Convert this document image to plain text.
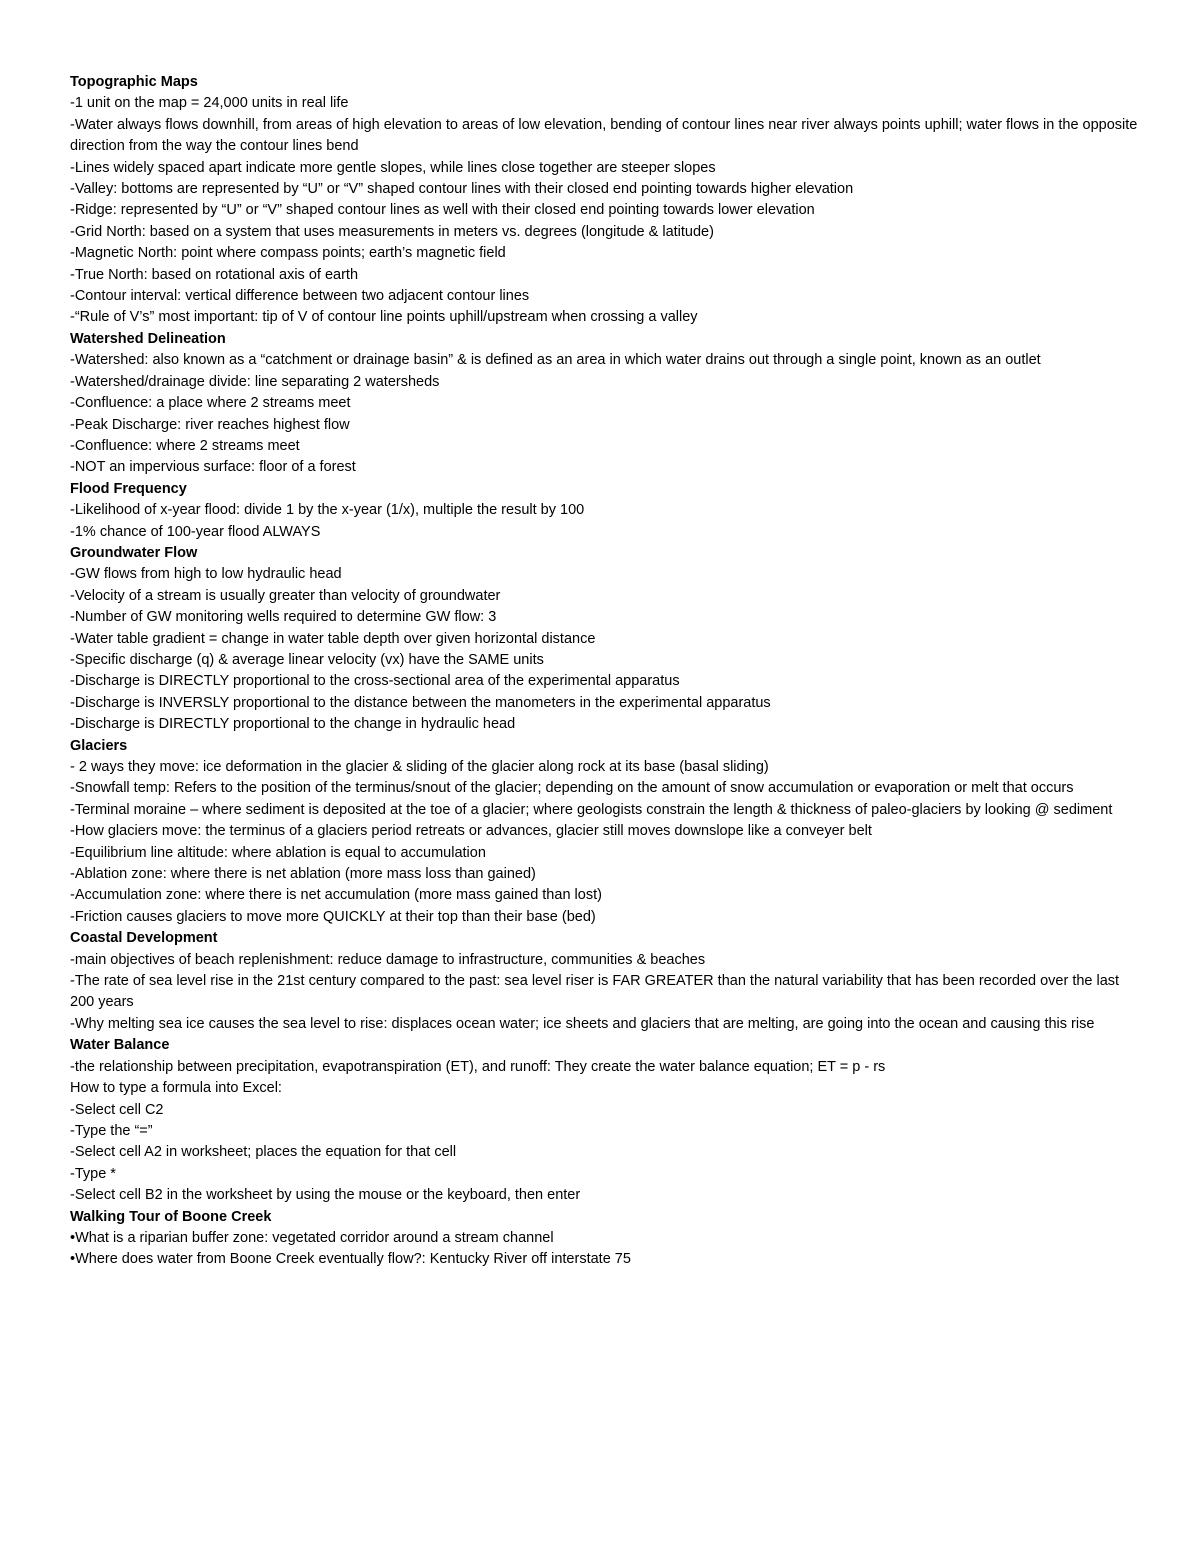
Topographic Maps

-1 unit on the map = 24,000 units in real life

-Water always flows downhill, from areas of high elevation to areas of low elevation, bending of contour lines near river always points uphill; water flows in the opposite direction from the way the contour lines bend

-Lines widely spaced apart indicate more gentle slopes, while lines close together are steeper slopes

-Valley: bottoms are represented by “U” or “V” shaped contour lines with their closed end pointing towards higher elevation

-Ridge: represented by “U” or “V” shaped contour lines as well with their closed end pointing towards lower elevation

-Grid North: based on a system that uses measurements in meters vs. degrees (longitude & latitude)

-Magnetic North: point where compass points; earth’s magnetic field

-True North: based on rotational axis of earth

-Contour interval: vertical difference between two adjacent contour lines

-“Rule of V’s” most important: tip of V of contour line points uphill/upstream when crossing a valley

Watershed Delineation

-Watershed: also known as a “catchment or drainage basin” & is defined as an area in which water drains out through a single point, known as an outlet

-Watershed/drainage divide: line separating 2 watersheds

-Confluence: a place where 2 streams meet

-Peak Discharge: river reaches highest flow

-Confluence: where 2 streams meet

-NOT an impervious surface: floor of a forest

Flood Frequency

-Likelihood of x-year flood: divide 1 by the x-year (1/x), multiple the result by 100

-1% chance of 100-year flood ALWAYS

Groundwater Flow

-GW flows from high to low hydraulic head

-Velocity of a stream is usually greater than velocity of groundwater

-Number of GW monitoring wells required to determine GW flow: 3

-Water table gradient = change in water table depth over given horizontal distance

-Specific discharge (q) & average linear velocity (vx) have the SAME units

-Discharge is DIRECTLY proportional to the cross-sectional area of the experimental apparatus

-Discharge is INVERSLY proportional to the distance between the manometers in the experimental apparatus

-Discharge is DIRECTLY proportional to the change in hydraulic head

Glaciers

- 2 ways they move: ice deformation in the glacier & sliding of the glacier along rock at its base (basal sliding)

-Snowfall temp: Refers to the position of the terminus/snout of the glacier; depending on the amount of snow accumulation or evaporation or melt that occurs

-Terminal moraine – where sediment is deposited at the toe of a glacier; where geologists constrain the length & thickness of paleo-glaciers by looking @ sediment

-How glaciers move: the terminus of a glaciers period retreats or advances, glacier still moves downslope like a conveyer belt

-Equilibrium line altitude: where ablation is equal to accumulation

-Ablation zone: where there is net ablation (more mass loss than gained)

-Accumulation zone: where there is net accumulation (more mass gained than lost)

-Friction causes glaciers to move more QUICKLY at their top than their base (bed)

Coastal Development

-main objectives of beach replenishment: reduce damage to infrastructure, communities & beaches

-The rate of sea level rise in the 21st century compared to the past: sea level riser is FAR GREATER than the natural variability that has been recorded over the last 200 years

-Why melting sea ice causes the sea level to rise: displaces ocean water; ice sheets and glaciers that are melting, are going into the ocean and causing this rise

Water Balance

-the relationship between precipitation, evapotranspiration (ET), and runoff: They create the water balance equation; ET = p - rs

How to type a formula into Excel:

-Select cell C2

-Type the “=”

-Select cell A2 in worksheet; places the equation for that cell

-Type *

-Select cell B2 in the worksheet by using the mouse or the keyboard, then enter

Walking Tour of Boone Creek

•What is a riparian buffer zone: vegetated corridor around a stream channel

•Where does water from Boone Creek eventually flow?: Kentucky River off interstate 75
